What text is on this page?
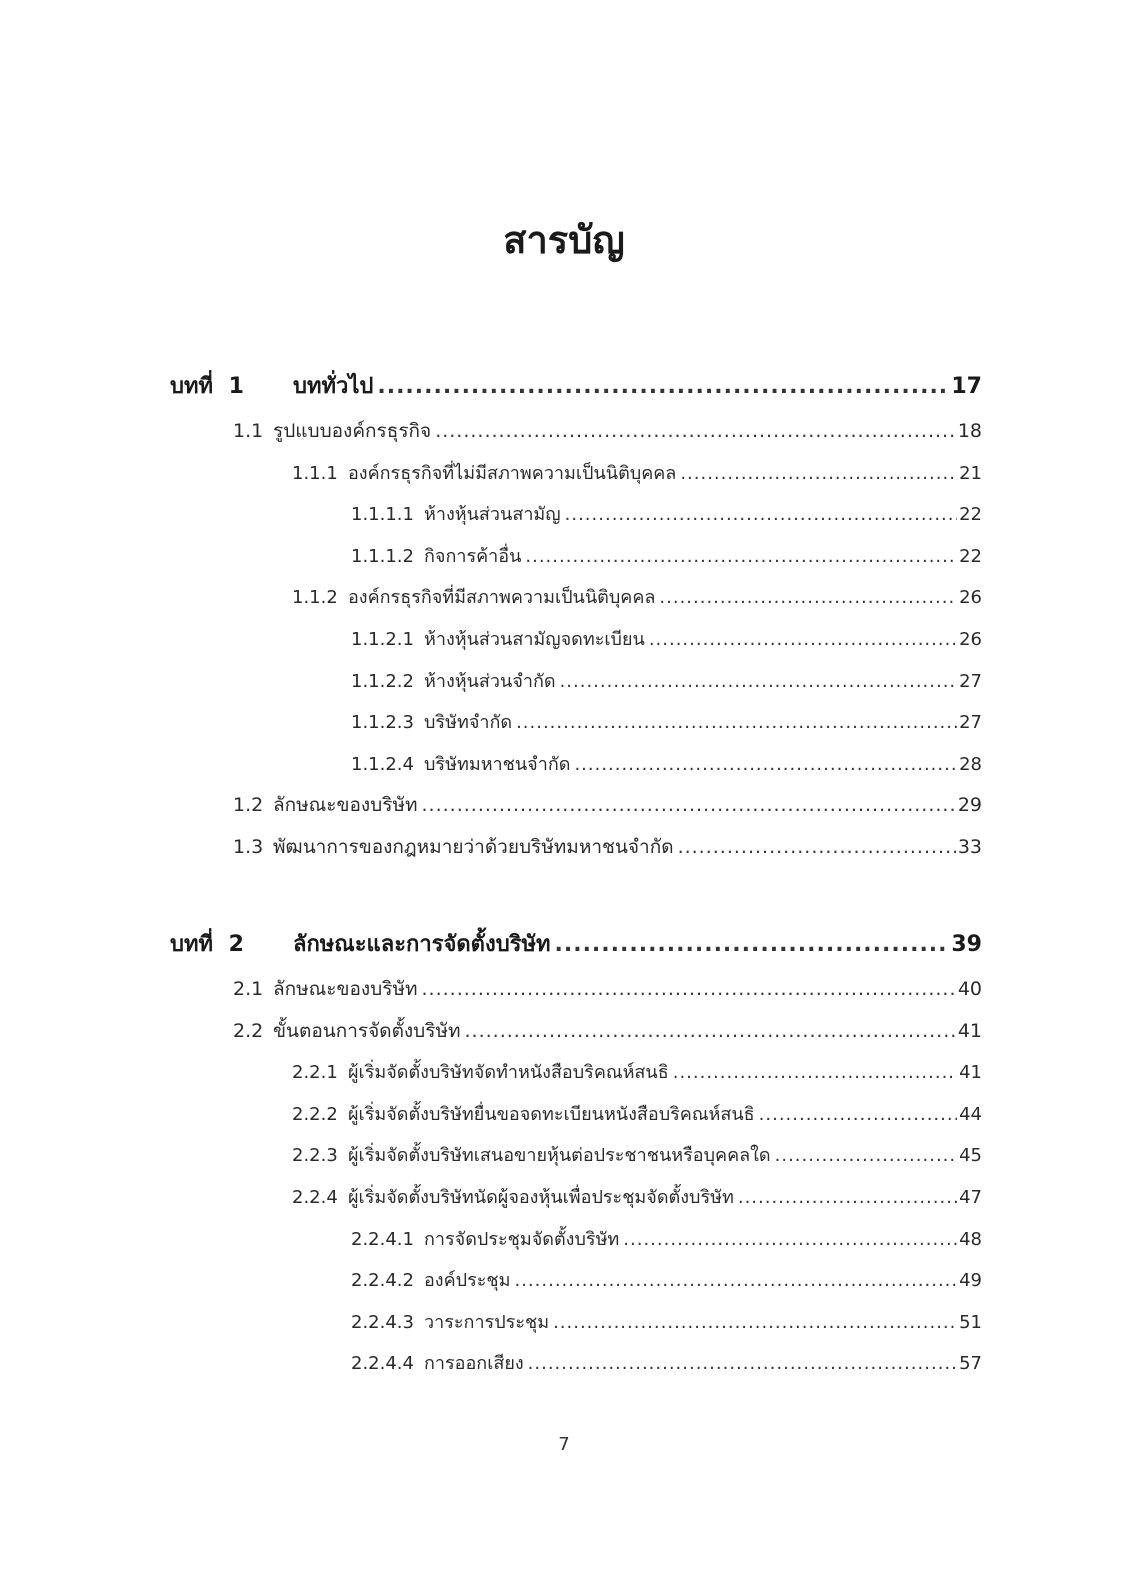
สารบัญ
บทที่ 1	บททั่วไป .....	17
1.1 รูปแบบองค์กรธุรกิจ .....	18
1.1.1 องค์กรธุรกิจที่ไม่มีสภาพความเป็นนิติบุคคล .....	21
1.1.1.1 ห้างหุ้นส่วนสามัญ .....	22
1.1.1.2 กิจการค้าอื่น .....	22
1.1.2 องค์กรธุรกิจที่มีสภาพความเป็นนิติบุคคล .....	26
1.1.2.1 ห้างหุ้นส่วนสามัญจดทะเบียน .....	26
1.1.2.2 ห้างหุ้นส่วนจำกัด .....	27
1.1.2.3 บริษัทจำกัด .....	27
1.1.2.4 บริษัทมหาชนจำกัด .....	28
1.2 ลักษณะของบริษัท .....	29
1.3 พัฒนาการของกฎหมายว่าด้วยบริษัทมหาชนจำกัด .....	33
บทที่ 2	ลักษณะและการจัดตั้งบริษัท .....	39
2.1 ลักษณะของบริษัท .....	40
2.2 ขั้นตอนการจัดตั้งบริษัท .....	41
2.2.1 ผู้เริ่มจัดตั้งบริษัทจัดทำหนังสือบริคณห์สนธิ .....	41
2.2.2 ผู้เริ่มจัดตั้งบริษัทยื่นขอจดทะเบียนหนังสือบริคณห์สนธิ .....	44
2.2.3 ผู้เริ่มจัดตั้งบริษัทเสนอขายหุ้นต่อประชาชนหรือบุคคลใด .....	45
2.2.4 ผู้เริ่มจัดตั้งบริษัทนัดผู้จองหุ้นเพื่อประชุมจัดตั้งบริษัท .....	47
2.2.4.1 การจัดประชุมจัดตั้งบริษัท .....	48
2.2.4.2 องค์ประชุม .....	49
2.2.4.3 วาระการประชุม .....	51
2.2.4.4 การออกเสียง .....	57
7
